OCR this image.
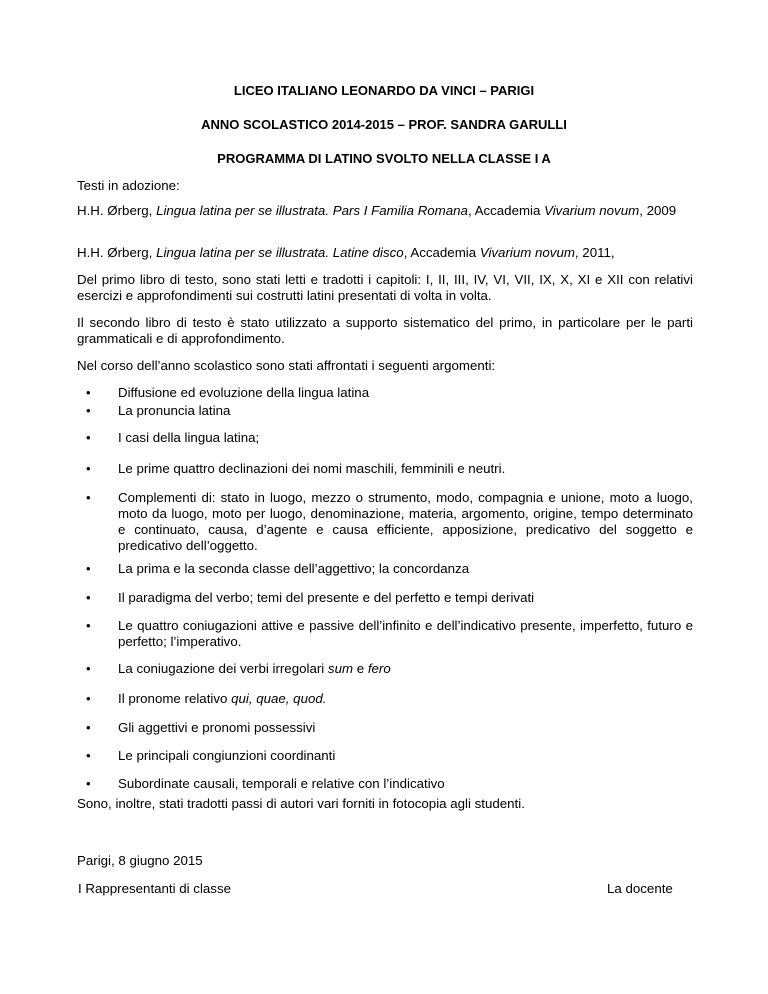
LICEO ITALIANO LEONARDO DA VINCI – PARIGI
ANNO SCOLASTICO 2014-2015 – PROF. SANDRA GARULLI
PROGRAMMA DI LATINO SVOLTO NELLA CLASSE I A
Testi in adozione:
H.H. Ørberg, Lingua latina per se illustrata. Pars I Familia Romana, Accademia Vivarium novum, 2009
H.H. Ørberg, Lingua latina per se illustrata. Latine disco, Accademia Vivarium novum, 2011,
Del primo libro di testo, sono stati letti e tradotti i capitoli: I, II, III, IV, VI, VII, IX, X, XI e XII con relativi esercizi e approfondimenti sui costrutti latini presentati di volta in volta.
Il secondo libro di testo è stato utilizzato a supporto sistematico del primo, in particolare per le parti grammaticali e di approfondimento.
Nel corso dell’anno scolastico sono stati affrontati i seguenti argomenti:
• Diffusione ed evoluzione della lingua latina
• La pronuncia latina
• I casi della lingua latina;
• Le prime quattro declinazioni dei nomi maschili, femminili e neutri.
• Complementi di: stato in luogo, mezzo o strumento, modo, compagnia e unione, moto a luogo, moto da luogo, moto per luogo, denominazione, materia, argomento, origine, tempo determinato e continuato, causa, d’agente e causa efficiente, apposizione, predicativo del soggetto e predicativo dell’oggetto.
• La prima e la seconda classe dell’aggettivo; la concordanza
• Il paradigma del verbo; temi del presente e del perfetto e tempi derivati
• Le quattro coniugazioni attive e passive dell’infinito e dell’indicativo presente, imperfetto, futuro e perfetto; l’imperativo.
• La coniugazione dei verbi irregolari sum e fero
• Il pronome relativo qui, quae, quod.
• Gli aggettivi e pronomi possessivi
• Le principali congiunzioni coordinanti
• Subordinate causali, temporali e relative con l’indicativo
Sono, inoltre, stati tradotti passi di autori vari forniti in fotocopia agli studenti.
Parigi, 8 giugno 2015
I Rappresentanti di classe	La docente
